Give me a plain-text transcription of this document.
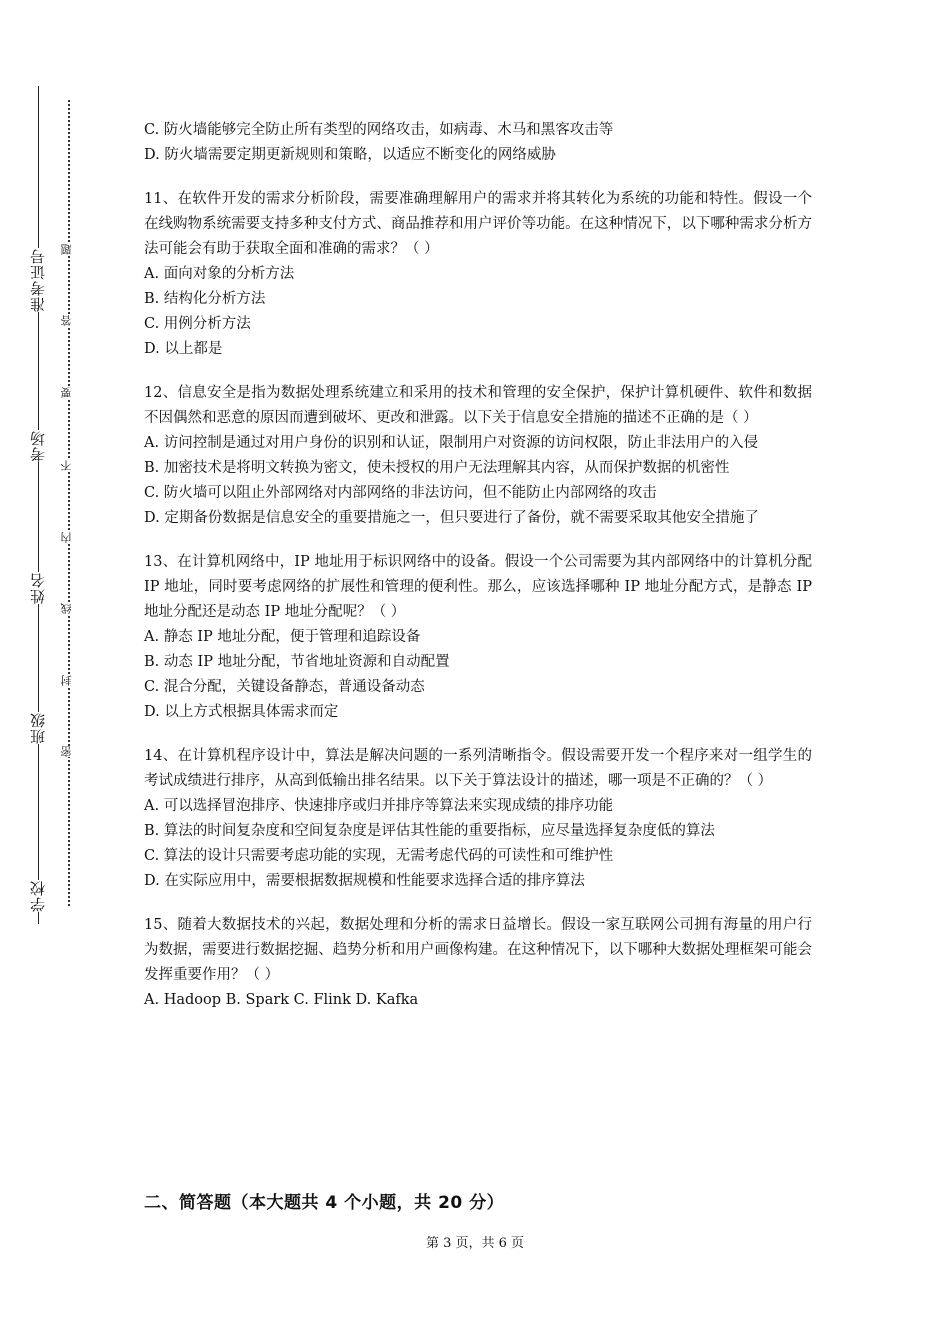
准考证号
考场
姓名
班级
学校
题
答
要
不
内
线
封
密
C. 防火墙能够完全防止所有类型的网络攻击，如病毒、木马和黑客攻击等
D. 防火墙需要定期更新规则和策略，以适应不断变化的网络威胁
11、在软件开发的需求分析阶段，需要准确理解用户的需求并将其转化为系统的功能和特性。假设一个在线购物系统需要支持多种支付方式、商品推荐和用户评价等功能。在这种情况下，以下哪种需求分析方法可能会有助于获取全面和准确的需求？（ ）
A. 面向对象的分析方法
B. 结构化分析方法
C. 用例分析方法
D. 以上都是
12、信息安全是指为数据处理系统建立和采用的技术和管理的安全保护，保护计算机硬件、软件和数据不因偶然和恶意的原因而遭到破坏、更改和泄露。以下关于信息安全措施的描述不正确的是（ ）
A. 访问控制是通过对用户身份的识别和认证，限制用户对资源的访问权限，防止非法用户的入侵
B. 加密技术是将明文转换为密文，使未授权的用户无法理解其内容，从而保护数据的机密性
C. 防火墙可以阻止外部网络对内部网络的非法访问，但不能防止内部网络的攻击
D. 定期备份数据是信息安全的重要措施之一，但只要进行了备份，就不需要采取其他安全措施了
13、在计算机网络中，IP 地址用于标识网络中的设备。假设一个公司需要为其内部网络中的计算机分配 IP 地址，同时要考虑网络的扩展性和管理的便利性。那么，应该选择哪种 IP 地址分配方式，是静态 IP 地址分配还是动态 IP 地址分配呢？（ ）
A. 静态 IP 地址分配，便于管理和追踪设备
B. 动态 IP 地址分配，节省地址资源和自动配置
C. 混合分配，关键设备静态，普通设备动态
D. 以上方式根据具体需求而定
14、在计算机程序设计中，算法是解决问题的一系列清晰指令。假设需要开发一个程序来对一组学生的考试成绩进行排序，从高到低输出排名结果。以下关于算法设计的描述，哪一项是不正确的？（ ）
A. 可以选择冒泡排序、快速排序或归并排序等算法来实现成绩的排序功能
B. 算法的时间复杂度和空间复杂度是评估其性能的重要指标，应尽量选择复杂度低的算法
C. 算法的设计只需要考虑功能的实现，无需考虑代码的可读性和可维护性
D. 在实际应用中，需要根据数据规模和性能要求选择合适的排序算法
15、随着大数据技术的兴起，数据处理和分析的需求日益增长。假设一家互联网公司拥有海量的用户行为数据，需要进行数据挖掘、趋势分析和用户画像构建。在这种情况下，以下哪种大数据处理框架可能会发挥重要作用？（ ）
A. Hadoop B. Spark C. Flink D. Kafka
二、简答题（本大题共 4 个小题，共 20 分）
第 3 页，共 6 页
